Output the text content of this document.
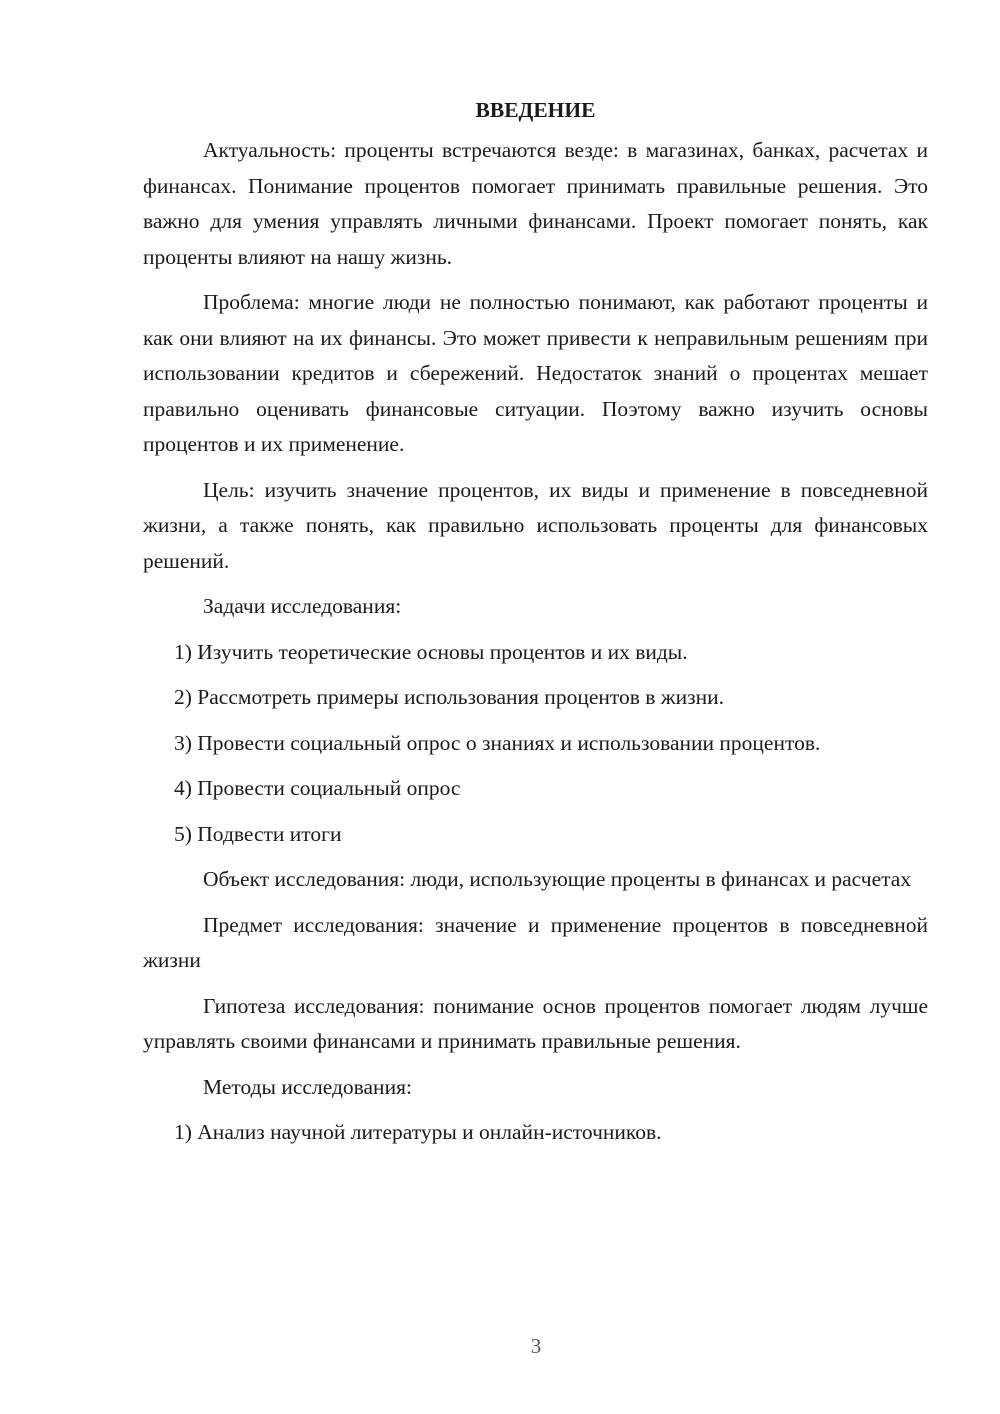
ВВЕДЕНИЕ

Актуальность: проценты встречаются везде: в магазинах, банках, расчетах и финансах. Понимание процентов помогает принимать правильные решения. Это важно для умения управлять личными финансами. Проект помогает понять, как проценты влияют на нашу жизнь.

Проблема: многие люди не полностью понимают, как работают проценты и как они влияют на их финансы. Это может привести к неправильным решениям при использовании кредитов и сбережений. Недостаток знаний о процентах мешает правильно оценивать финансовые ситуации. Поэтому важно изучить основы процентов и их применение.

Цель: изучить значение процентов, их виды и применение в повседневной жизни, а также понять, как правильно использовать проценты для финансовых решений.

Задачи исследования:

1) Изучить теоретические основы процентов и их виды.
2) Рассмотреть примеры использования процентов в жизни.
3) Провести социальный опрос о знаниях и использовании процентов.
4) Провести социальный опрос
5) Подвести итоги

Объект исследования: люди, использующие проценты в финансах и расчетах

Предмет исследования: значение и применение процентов в повседневной жизни

Гипотеза исследования: понимание основ процентов помогает людям лучше управлять своими финансами и принимать правильные решения.

Методы исследования:

1) Анализ научной литературы и онлайн-источников.
3
